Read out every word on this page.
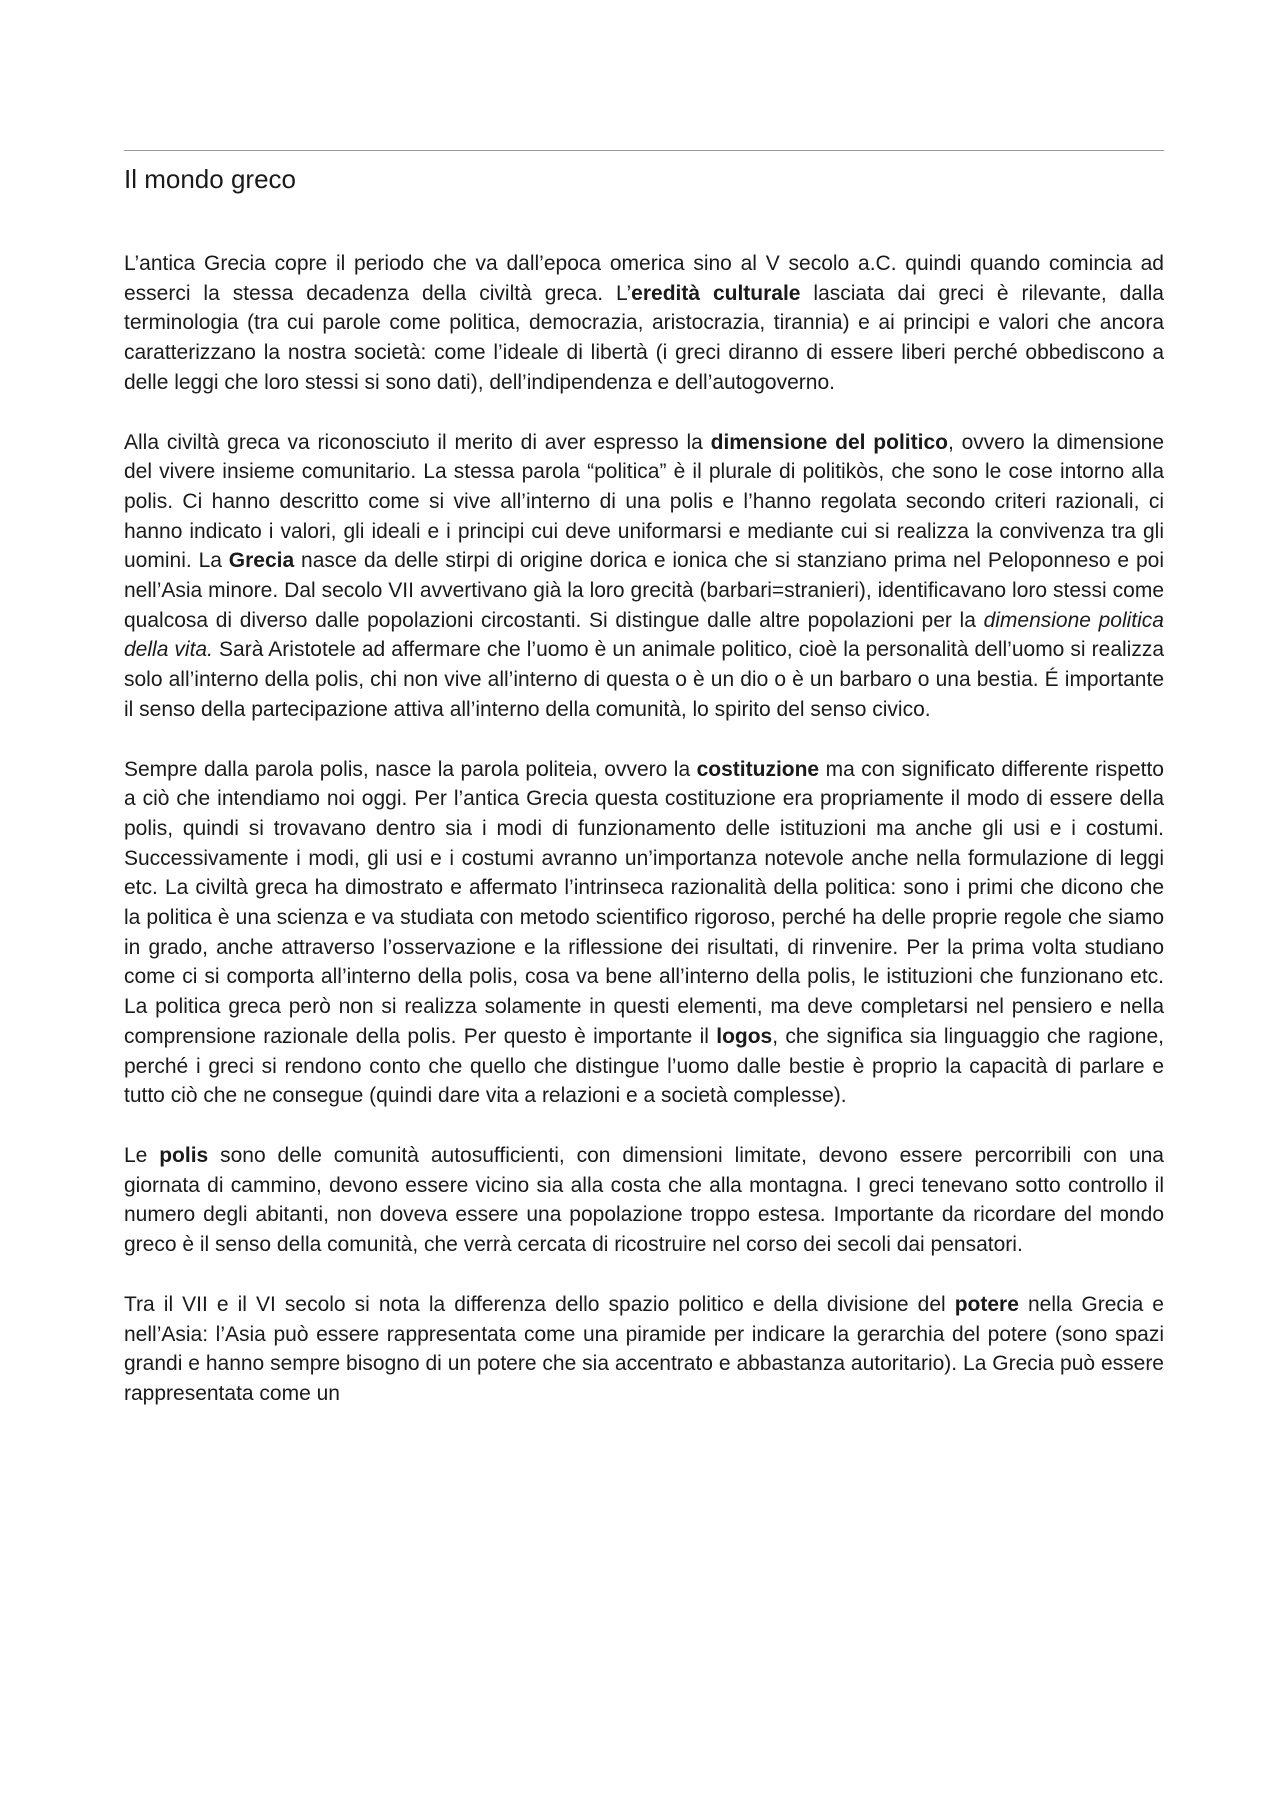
Il mondo greco

L’antica Grecia copre il periodo che va dall’epoca omerica sino al V secolo a.C. quindi quando comincia ad esserci la stessa decadenza della civiltà greca. L’eredità culturale lasciata dai greci è rilevante, dalla terminologia (tra cui parole come politica, democrazia, aristocrazia, tirannia) e ai principi e valori che ancora caratterizzano la nostra società: come l’ideale di libertà (i greci diranno di essere liberi perché obbediscono a delle leggi che loro stessi si sono dati), dell’indipendenza e dell’autogoverno.

Alla civiltà greca va riconosciuto il merito di aver espresso la dimensione del politico, ovvero la dimensione del vivere insieme comunitario. La stessa parola “politica” è il plurale di politikòs, che sono le cose intorno alla polis. Ci hanno descritto come si vive all’interno di una polis e l’hanno regolata secondo criteri razionali, ci hanno indicato i valori, gli ideali e i principi cui deve uniformarsi e mediante cui si realizza la convivenza tra gli uomini. La Grecia nasce da delle stirpi di origine dorica e ionica che si stanziano prima nel Peloponneso e poi nell’Asia minore. Dal secolo VII avvertivano già la loro grecità (barbari=stranieri), identificavano loro stessi come qualcosa di diverso dalle popolazioni circostanti. Si distingue dalle altre popolazioni per la dimensione politica della vita. Sarà Aristotele ad affermare che l’uomo è un animale politico, cioè la personalità dell’uomo si realizza solo all’interno della polis, chi non vive all’interno di questa o è un dio o è un barbaro o una bestia. É importante il senso della partecipazione attiva all’interno della comunità, lo spirito del senso civico.

Sempre dalla parola polis, nasce la parola politeia, ovvero la costituzione ma con significato differente rispetto a ciò che intendiamo noi oggi. Per l’antica Grecia questa costituzione era propriamente il modo di essere della polis, quindi si trovavano dentro sia i modi di funzionamento delle istituzioni ma anche gli usi e i costumi. Successivamente i modi, gli usi e i costumi avranno un’importanza notevole anche nella formulazione di leggi etc. La civiltà greca ha dimostrato e affermato l’intrinseca razionalità della politica: sono i primi che dicono che la politica è una scienza e va studiata con metodo scientifico rigoroso, perché ha delle proprie regole che siamo in grado, anche attraverso l’osservazione e la riflessione dei risultati, di rinvenire. Per la prima volta studiano come ci si comporta all’interno della polis, cosa va bene all’interno della polis, le istituzioni che funzionano etc. La politica greca però non si realizza solamente in questi elementi, ma deve completarsi nel pensiero e nella comprensione razionale della polis. Per questo è importante il logos, che significa sia linguaggio che ragione, perché i greci si rendono conto che quello che distingue l’uomo dalle bestie è proprio la capacità di parlare e tutto ciò che ne consegue (quindi dare vita a relazioni e a società complesse).

Le polis sono delle comunità autosufficienti, con dimensioni limitate, devono essere percorribili con una giornata di cammino, devono essere vicino sia alla costa che alla montagna. I greci tenevano sotto controllo il numero degli abitanti, non doveva essere una popolazione troppo estesa. Importante da ricordare del mondo greco è il senso della comunità, che verrà cercata di ricostruire nel corso dei secoli dai pensatori.

Tra il VII e il VI secolo si nota la differenza dello spazio politico e della divisione del potere nella Grecia e nell’Asia: l’Asia può essere rappresentata come una piramide per indicare la gerarchia del potere (sono spazi grandi e hanno sempre bisogno di un potere che sia accentrato e abbastanza autoritario). La Grecia può essere rappresentata come un
